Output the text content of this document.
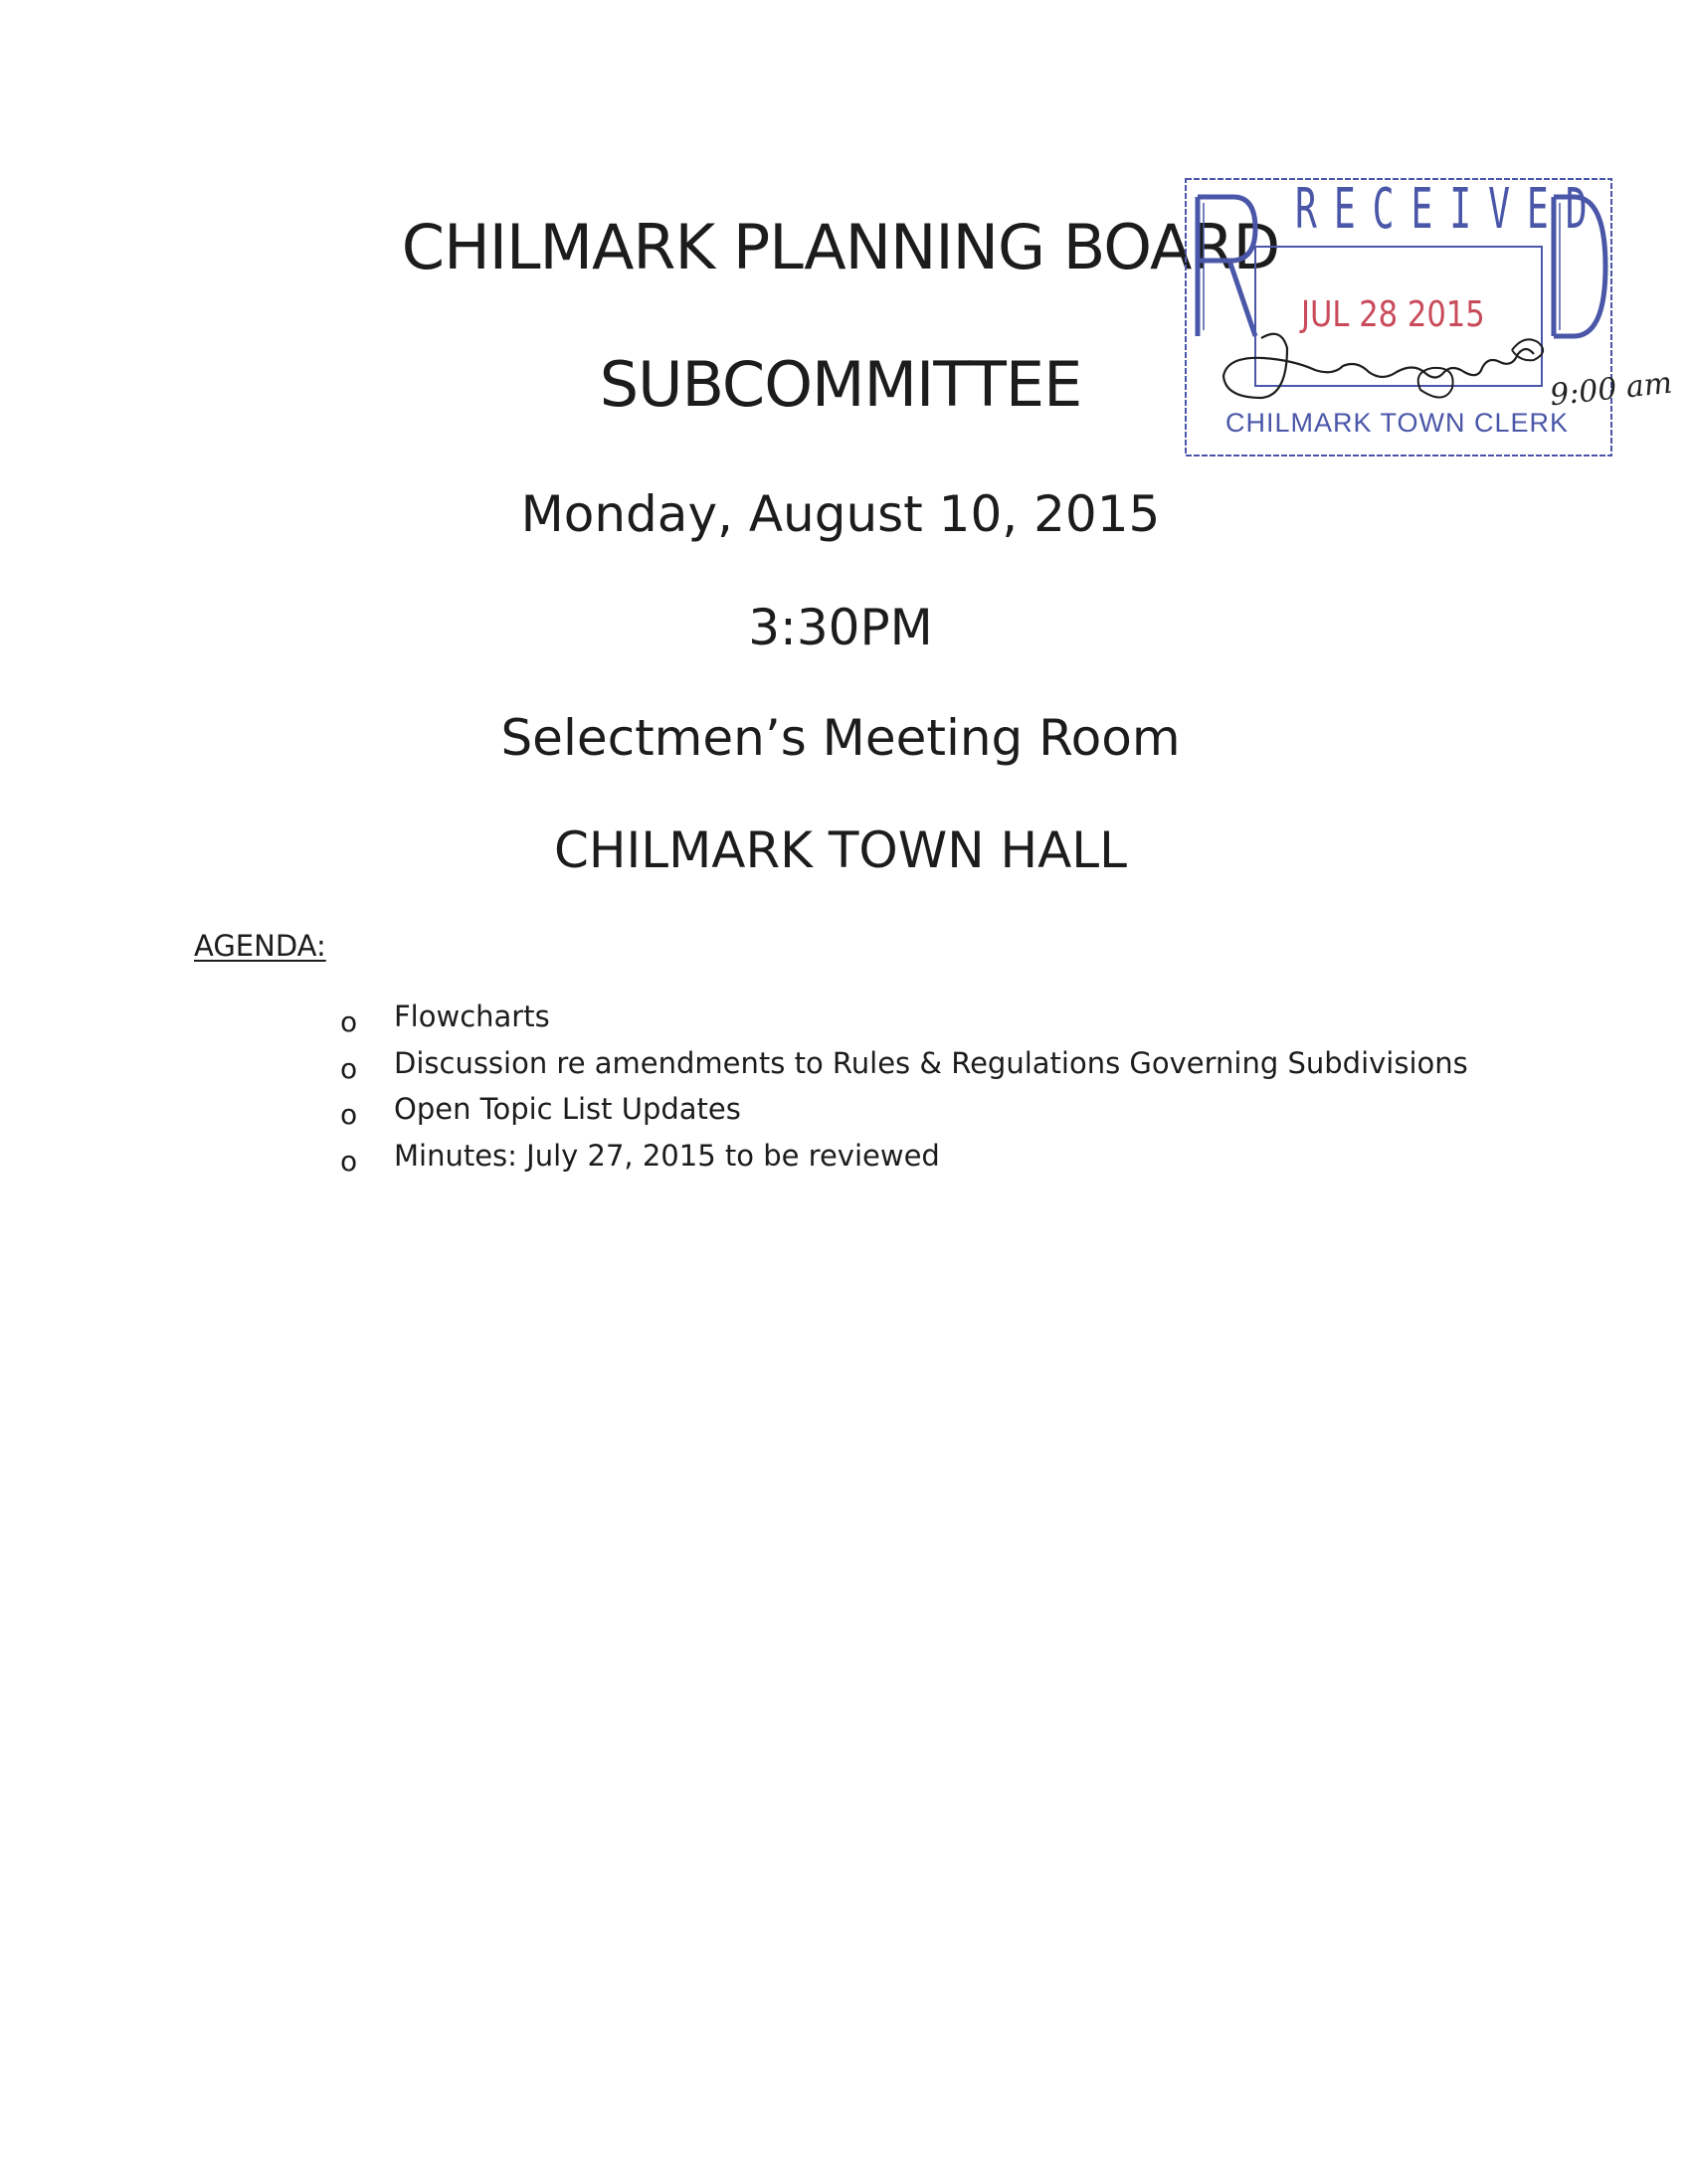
CHILMARK PLANNING BOARD
SUBCOMMITTEE

Monday, August 10, 2015

3:30PM

Selectmen’s Meeting Room

CHILMARK TOWN HALL

AGENDA:

o Flowcharts
o Discussion re amendments to Rules & Regulations Governing Subdivisions
o Open Topic List Updates
o Minutes: July 27, 2015 to be reviewed

RECEIVED

JUL 28 2015

CHILMARK TOWN CLERK

9:00 am
